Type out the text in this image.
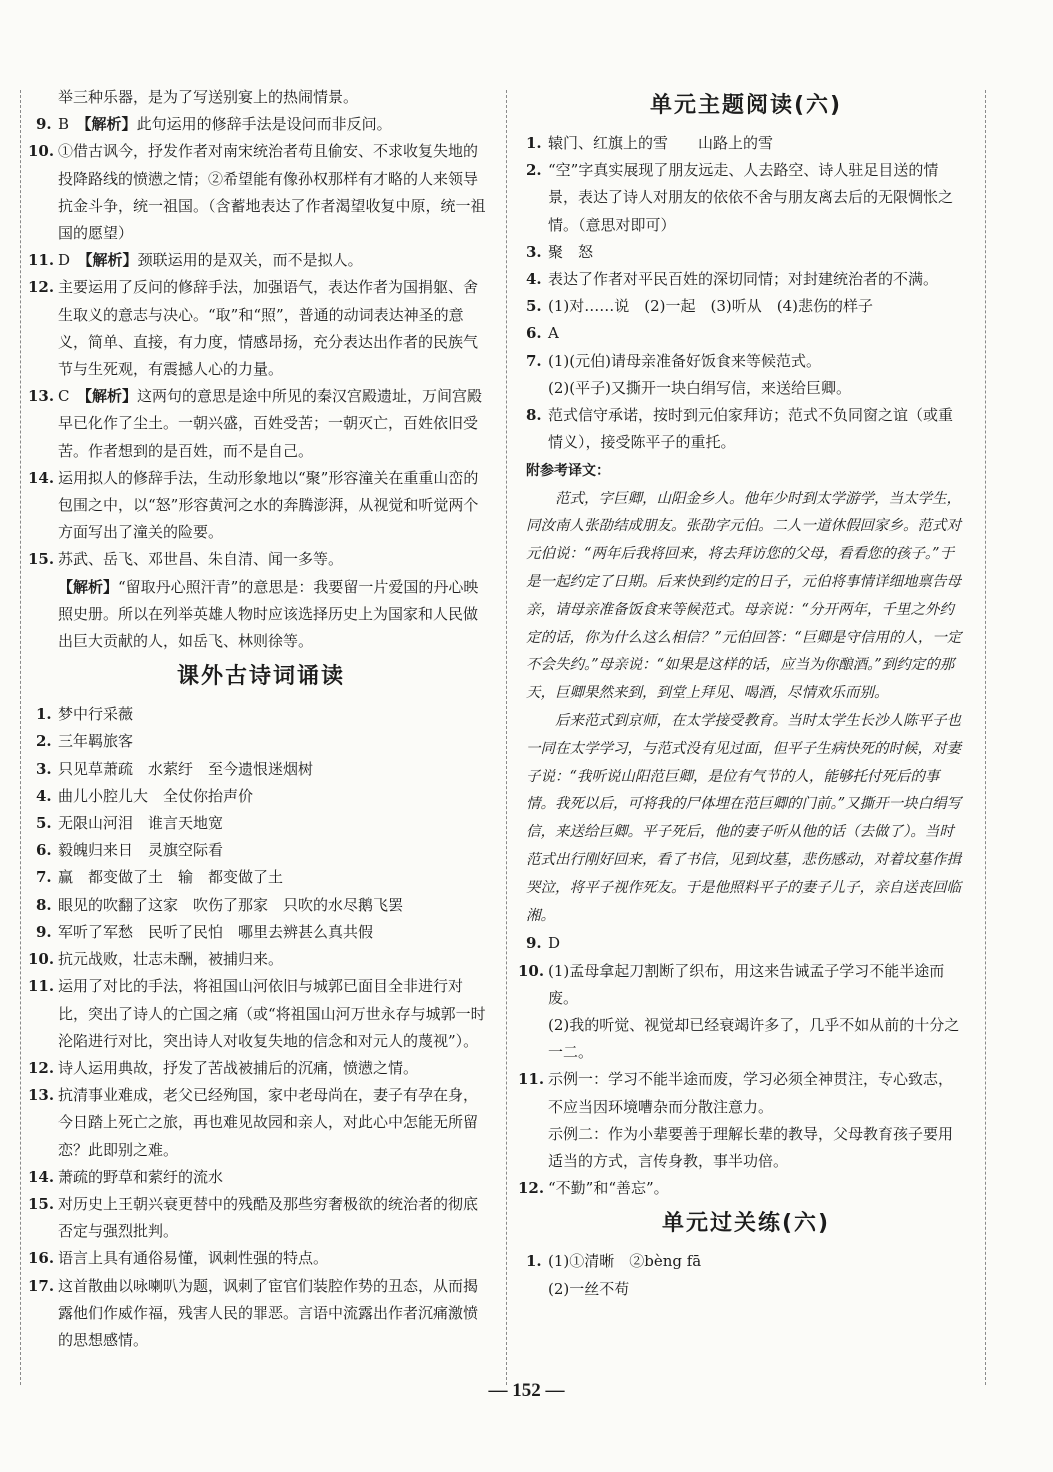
举三种乐器，是为了写送别宴上的热闹情景。

9. B　 【解析】此句运用的修辞手法是设问而非反问。

10. ①借古讽今，抒发作者对南宋统治者苟且偷安、不求收复失地的投降路线的愤懑之情；②希望能有像孙权那样有才略的人来领导抗金斗争，统一祖国。（含蓄地表达了作者渴望收复中原，统一祖国的愿望）

11. D　 【解析】颈联运用的是双关，而不是拟人。

12. 主要运用了反问的修辞手法，加强语气，表达作者为国捐躯、舍生取义的意志与决心。“取”和“照”，普通的动词表达神圣的意义，简单、直接，有力度，情感昂扬，充分表达出作者的民族气节与生死观，有震撼人心的力量。

13. C　 【解析】这两句的意思是途中所见的秦汉宫殿遗址，万间宫殿早已化作了尘土。一朝兴盛，百姓受苦；一朝灭亡，百姓依旧受苦。作者想到的是百姓，而不是自己。

14. 运用拟人的修辞手法，生动形象地以“聚”形容潼关在重重山峦的包围之中，以“怒”形容黄河之水的奔腾澎湃，从视觉和听觉两个方面写出了潼关的险要。

15. 苏武、岳飞、邓世昌、朱自清、闻一多等。

【解析】“留取丹心照汗青”的意思是：我要留一片爱国的丹心映照史册。所以在列举英雄人物时应该选择历史上为国家和人民做出巨大贡献的人，如岳飞、林则徐等。

课外古诗词诵读

1. 梦中行采薇

2. 三年羁旅客

3. 只见草萧疏　水萦纡　至今遗恨迷烟树

4. 曲儿小腔儿大　全仗你抬声价

5. 无限山河泪　谁言天地宽

6. 毅魄归来日　灵旗空际看

7. 赢　都变做了土　输　都变做了土

8. 眼见的吹翻了这家　吹伤了那家　只吹的水尽鹅飞罢

9. 军听了军愁　民听了民怕　哪里去辨甚么真共假

10. 抗元战败，壮志未酬，被捕归来。

11. 运用了对比的手法，将祖国山河依旧与城郭已面目全非进行对比，突出了诗人的亡国之痛（或“将祖国山河万世永存与城郭一时沦陷进行对比，突出诗人对收复失地的信念和对元人的蔑视”）。

12. 诗人运用典故，抒发了苦战被捕后的沉痛，愤懑之情。

13. 抗清事业难成，老父已经殉国，家中老母尚在，妻子有孕在身，今日踏上死亡之旅，再也难见故园和亲人，对此心中怎能无所留恋？此即别之难。

14. 萧疏的野草和萦纡的流水

15. 对历史上王朝兴衰更替中的残酷及那些穷奢极欲的统治者的彻底否定与强烈批判。

16. 语言上具有通俗易懂，讽刺性强的特点。

17. 这首散曲以咏喇叭为题，讽刺了宦官们装腔作势的丑态，从而揭露他们作威作福，残害人民的罪恶。言语中流露出作者沉痛激愤的思想感情。

单元主题阅读(六)

1. 辕门、红旗上的雪　　山路上的雪

2. “空”字真实展现了朋友远走、人去路空、诗人驻足目送的情景，表达了诗人对朋友的依依不舍与朋友离去后的无限惆怅之情。（意思对即可）

3. 聚　怒

4. 表达了作者对平民百姓的深切同情；对封建统治者的不满。

5. (1)对……说　(2)一起　(3)听从　(4)悲伤的样子

6. A

7. (1)(元伯)请母亲准备好饭食来等候范式。

(2)(平子)又撕开一块白绢写信，来送给巨卿。

8. 范式信守承诺，按时到元伯家拜访；范式不负同窗之谊（或重情义），接受陈平子的重托。

附参考译文：

范式，字巨卿，山阳金乡人。他年少时到太学游学，当太学生，同汝南人张劭结成朋友。张劭字元伯。二人一道休假回家乡。范式对元伯说：“两年后我将回来，将去拜访您的父母，看看您的孩子。”于是一起约定了日期。后来快到约定的日子，元伯将事情详细地禀告母亲，请母亲准备饭食来等候范式。母亲说：“分开两年，千里之外约定的话，你为什么这么相信？”元伯回答：“巨卿是守信用的人，一定不会失约。”母亲说：“如果是这样的话，应当为你酿酒。”到约定的那天，巨卿果然来到，到堂上拜见、喝酒，尽情欢乐而别。

后来范式到京师，在太学接受教育。当时太学生长沙人陈平子也一同在太学学习，与范式没有见过面，但平子生病快死的时候，对妻子说：“我听说山阳范巨卿，是位有气节的人，能够托付死后的事情。我死以后，可将我的尸体埋在范巨卿的门前。”又撕开一块白绢写信，来送给巨卿。平子死后，他的妻子听从他的话（去做了）。当时范式出行刚好回来，看了书信，见到坟墓，悲伤感动，对着坟墓作揖哭泣，将平子视作死友。于是他照料平子的妻子儿子，亲自送丧回临湘。

9. D

10. (1)孟母拿起刀割断了织布，用这来告诫孟子学习不能半途而废。

(2)我的听觉、视觉却已经衰竭许多了，几乎不如从前的十分之一二。

11. 示例一：学习不能半途而废，学习必须全神贯注，专心致志，不应当因环境嘈杂而分散注意力。

示例二：作为小辈要善于理解长辈的教导，父母教育孩子要用适当的方式，言传身教，事半功倍。

12. “不勤”和“善忘”。

单元过关练(六)

1. (1)①清晰　②bèng fā

(2)一丝不苟

— 152 —
